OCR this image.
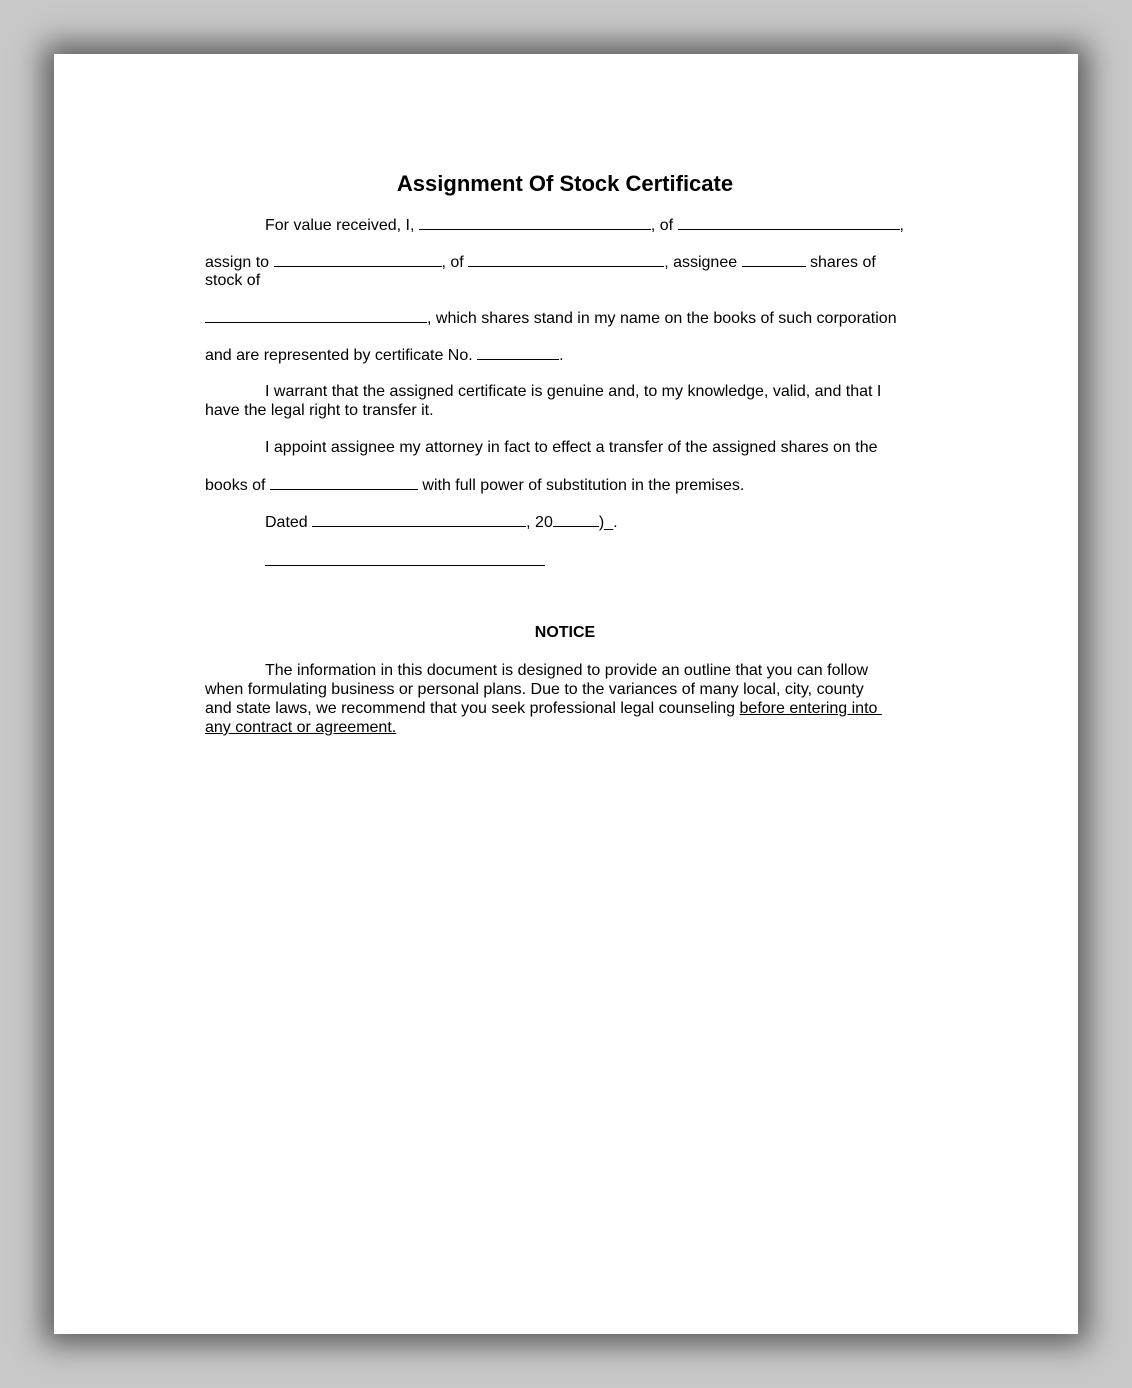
Assignment Of Stock Certificate
For value received, I,	, of	,
assign to	, of	, assignee	shares of
stock of
, which shares stand in my name on the books of such corporation
and are represented by certificate No.	.
I warrant that the assigned certificate is genuine and, to my knowledge, valid, and that I
have the legal right to transfer it.
I appoint assignee my attorney in fact to effect a transfer of the assigned shares on the
books of	with full power of substitution in the premises.
Dated	, 20	)_.
NOTICE
The information in this document is designed to provide an outline that you can follow
when formulating business or personal plans. Due to the variances of many local, city, county
and state laws, we recommend that you seek professional legal counseling before entering into
any contract or agreement.
